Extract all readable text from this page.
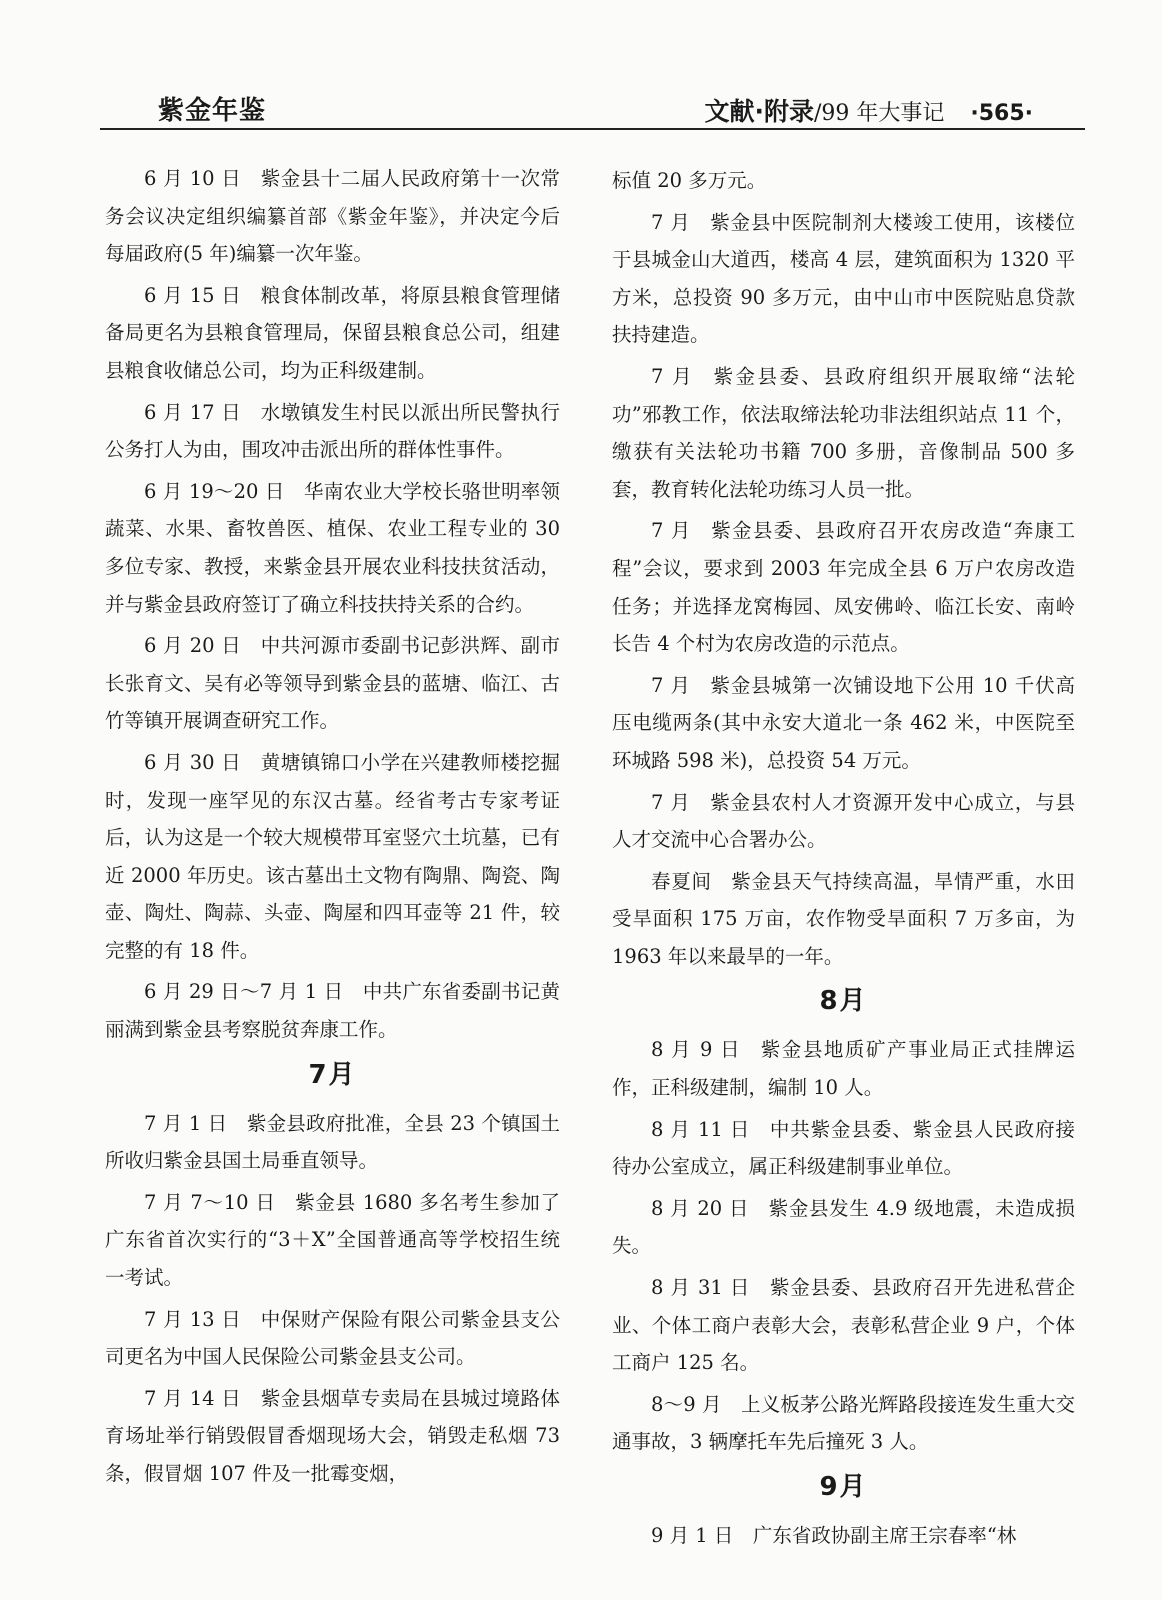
紫金年鉴	文献·附录/99 年大事记 ·565·

6 月 10 日 紫金县十二届人民政府第十一次常务会议决定组织编纂首部《紫金年鉴》，并决定今后每届政府(5 年)编纂一次年鉴。

6 月 15 日 粮食体制改革，将原县粮食管理储备局更名为县粮食管理局，保留县粮食总公司，组建县粮食收储总公司，均为正科级建制。

6 月 17 日 水墩镇发生村民以派出所民警执行公务打人为由，围攻冲击派出所的群体性事件。

6 月 19～20 日 华南农业大学校长骆世明率领蔬菜、水果、畜牧兽医、植保、农业工程专业的 30 多位专家、教授，来紫金县开展农业科技扶贫活动，并与紫金县政府签订了确立科技扶持关系的合约。

6 月 20 日 中共河源市委副书记彭洪辉、副市长张育文、吴有必等领导到紫金县的蓝塘、临江、古竹等镇开展调查研究工作。

6 月 30 日 黄塘镇锦口小学在兴建教师楼挖掘时，发现一座罕见的东汉古墓。经省考古专家考证后，认为这是一个较大规模带耳室竖穴土坑墓，已有近 2000 年历史。该古墓出土文物有陶鼎、陶瓷、陶壶、陶灶、陶蒜、头壶、陶屋和四耳壶等 21 件，较完整的有 18 件。

6 月 29 日～7 月 1 日 中共广东省委副书记黄丽满到紫金县考察脱贫奔康工作。

7月

7 月 1 日 紫金县政府批准，全县 23 个镇国土所收归紫金县国土局垂直领导。

7 月 7～10 日 紫金县 1680 多名考生参加了广东省首次实行的“3＋X”全国普通高等学校招生统一考试。

7 月 13 日 中保财产保险有限公司紫金县支公司更名为中国人民保险公司紫金县支公司。

7 月 14 日 紫金县烟草专卖局在县城过境路体育场址举行销毁假冒香烟现场大会，销毁走私烟 73 条，假冒烟 107 件及一批霉变烟，

标值 20 多万元。

7 月 紫金县中医院制剂大楼竣工使用，该楼位于县城金山大道西，楼高 4 层，建筑面积为 1320 平方米，总投资 90 多万元，由中山市中医院贴息贷款扶持建造。

7 月 紫金县委、县政府组织开展取缔“法轮功”邪教工作，依法取缔法轮功非法组织站点 11 个，缴获有关法轮功书籍 700 多册，音像制品 500 多套，教育转化法轮功练习人员一批。

7 月 紫金县委、县政府召开农房改造“奔康工程”会议，要求到 2003 年完成全县 6 万户农房改造任务；并选择龙窝梅园、凤安佛岭、临江长安、南岭长告 4 个村为农房改造的示范点。

7 月 紫金县城第一次铺设地下公用 10 千伏高压电缆两条(其中永安大道北一条 462 米，中医院至环城路 598 米)，总投资 54 万元。

7 月 紫金县农村人才资源开发中心成立，与县人才交流中心合署办公。

春夏间 紫金县天气持续高温，旱情严重，水田受旱面积 175 万亩，农作物受旱面积 7 万多亩，为 1963 年以来最旱的一年。

8月

8 月 9 日 紫金县地质矿产事业局正式挂牌运作，正科级建制，编制 10 人。

8 月 11 日 中共紫金县委、紫金县人民政府接待办公室成立，属正科级建制事业单位。

8 月 20 日 紫金县发生 4.9 级地震，未造成损失。

8 月 31 日 紫金县委、县政府召开先进私营企业、个体工商户表彰大会，表彰私营企业 9 户，个体工商户 125 名。

8～9 月 上义板茅公路光辉路段接连发生重大交通事故，3 辆摩托车先后撞死 3 人。

9月

9 月 1 日 广东省政协副主席王宗春率“林
